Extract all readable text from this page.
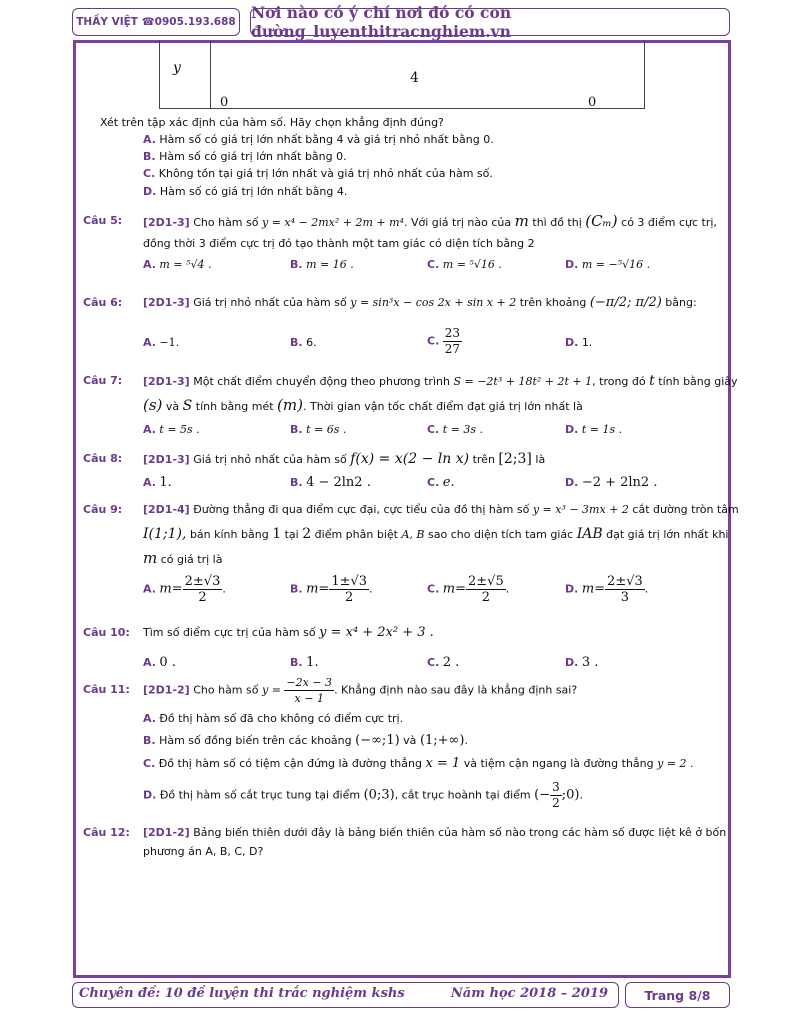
THẦY VIỆT ☎0905.193.688 Nơi nào có ý chí nơi đó có con đường_luyenthitracnghiem.vn
y
4
0	0
Xét trên tập xác định của hàm số. Hãy chọn khẳng định đúng?
A. Hàm số có giá trị lớn nhất bằng 4 và giá trị nhỏ nhất bằng 0.
B. Hàm số có giá trị lớn nhất bằng 0.
C. Không tồn tại giá trị lớn nhất và giá trị nhỏ nhất của hàm số.
D. Hàm số có giá trị lớn nhất bằng 4.
Câu 5: [2D1-3] Cho hàm số y = x⁴ − 2mx² + 2m + m⁴. Với giá trị nào của m thì đồ thị (Cₘ) có 3 điểm cực trị,
đồng thời 3 điểm cực trị đó tạo thành một tam giác có diện tích bằng 2
A. m = ⁵√4 .	B. m = 16 .	C. m = ⁵√16 .	D. m = −⁵√16 .
Câu 6: [2D1-3] Giá trị nhỏ nhất của hàm số y = sin³x − cos 2x + sin x + 2 trên khoảng (−π/2; π/2) bằng:
A. −1.	B. 6.	C. $\frac{23}{27}$	D. 1.
Câu 7: [2D1-3] Một chất điểm chuyển động theo phương trình S = −2t³ + 18t² + 2t + 1, trong đó t tính bằng giây
(s) và S tính bằng mét (m). Thời gian vận tốc chất điểm đạt giá trị lớn nhất là
A. t = 5s .	B. t = 6s .	C. t = 3s .	D. t = 1s .
Câu 8: [2D1-3] Giá trị nhỏ nhất của hàm số f(x) = x(2 − ln x) trên [2;3] là
A. 1.	B. 4 − 2ln2 .	C. e.	D. −2 + 2ln2 .
Câu 9: [2D1-4] Đường thẳng đi qua điểm cực đại, cực tiểu của đồ thị hàm số y = x³ − 3mx + 2 cắt đường tròn tâm
I(1;1), bán kính bằng 1 tại 2 điểm phân biệt A, B sao cho diện tích tam giác IAB đạt giá trị lớn nhất khi
m có giá trị là
A. $m= \frac{2\pm√3}{2}$ .	B. $m= \frac{1\pm√3}{2}$ .	C. $m= \frac{2\pm√5}{2}$ .	D. $m= \frac{2\pm√3}{3}$ .
Câu 10: Tìm số điểm cực trị của hàm số y = x⁴ + 2x² + 3 .
A. 0 .	B. 1.	C. 2 .	D. 3 .
Câu 11: [2D1-2] Cho hàm số $y = \frac{-2x - 3}{x - 1}$ . Khẳng định nào sau đây là khẳng định sai?
A. Đồ thị hàm số đã cho không có điểm cực trị.
B. Hàm số đồng biến trên các khoảng (−∞;1) và (1;+∞).
C. Đồ thị hàm số có tiệm cận đứng là đường thẳng x = 1 và tiệm cận ngang là đường thẳng y = 2 .
D. Đồ thị hàm số cắt trục tung tại điểm (0;3), cắt trục hoành tại điểm (− $\frac{3}{2}$ ;0).
Câu 12: [2D1-2] Bảng biến thiên dưới đây là bảng biến thiên của hàm số nào trong các hàm số được liệt kê ở bốn
phương án A, B, C, D?
Chuyên đề: 10 đề luyện thi trắc nghiệm kshs	Năm học 2018 – 2019	Trang 8/8
